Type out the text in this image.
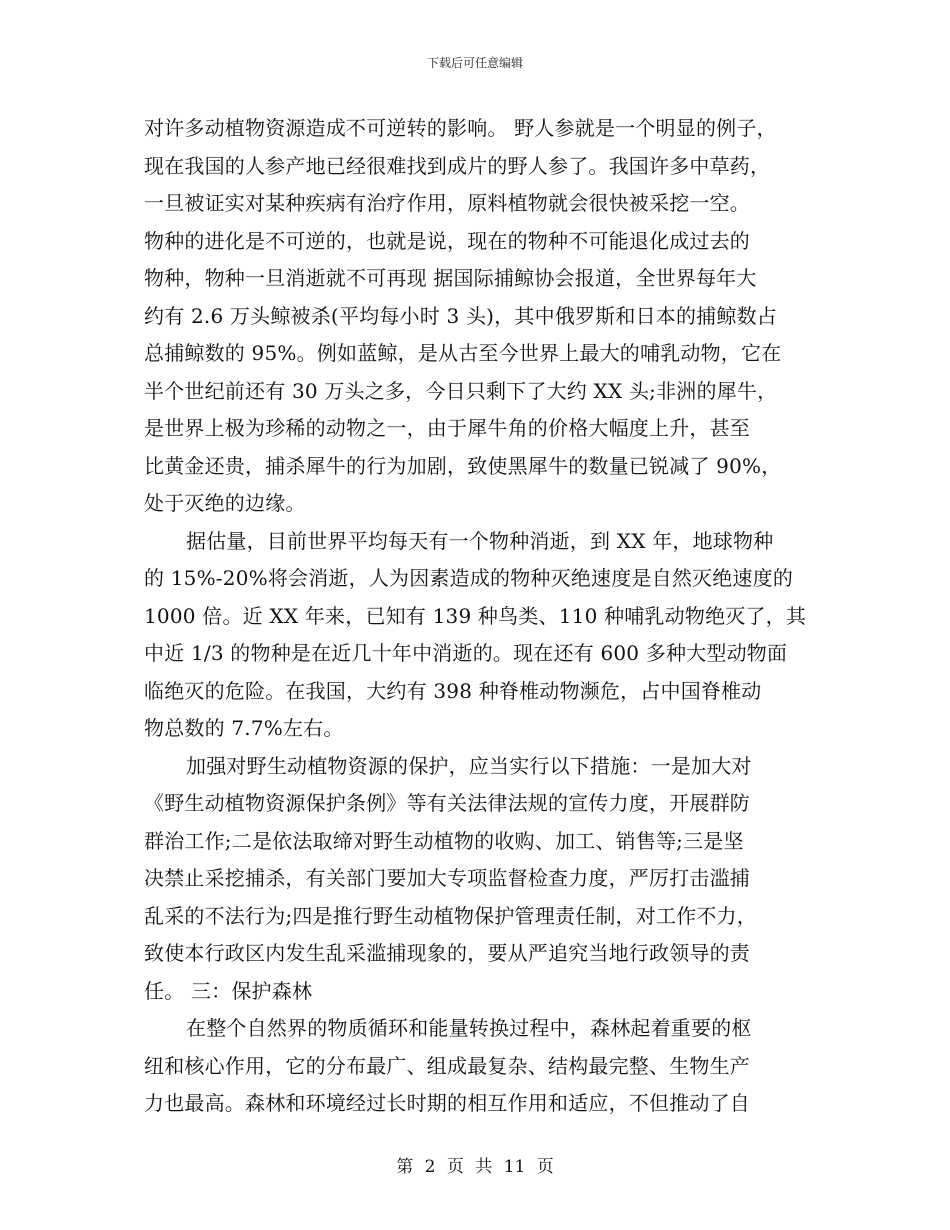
下载后可任意编辑
对许多动植物资源造成不可逆转的影响。 野人参就是一个明显的例子，
现在我国的人参产地已经很难找到成片的野人参了。我国许多中草药，
一旦被证实对某种疾病有治疗作用，原料植物就会很快被采挖一空。
物种的进化是不可逆的，也就是说，现在的物种不可能退化成过去的
物种，物种一旦消逝就不可再现 据国际捕鲸协会报道，全世界每年大
约有 2.6 万头鲸被杀(平均每小时 3 头)，其中俄罗斯和日本的捕鲸数占
总捕鲸数的 95%。例如蓝鲸，是从古至今世界上最大的哺乳动物，它在
半个世纪前还有 30 万头之多，今日只剩下了大约 XX 头;非洲的犀牛，
是世界上极为珍稀的动物之一，由于犀牛角的价格大幅度上升，甚至
比黄金还贵，捕杀犀牛的行为加剧，致使黑犀牛的数量已锐减了 90%，
处于灭绝的边缘。
据估量，目前世界平均每天有一个物种消逝，到 XX 年，地球物种
的 15%-20%将会消逝，人为因素造成的物种灭绝速度是自然灭绝速度的
1000 倍。近 XX 年来，已知有 139 种鸟类、110 种哺乳动物绝灭了，其
中近 1/3 的物种是在近几十年中消逝的。现在还有 600 多种大型动物面
临绝灭的危险。在我国，大约有 398 种脊椎动物濒危，占中国脊椎动
物总数的 7.7%左右。
加强对野生动植物资源的保护，应当实行以下措施：一是加大对
《野生动植物资源保护条例》等有关法律法规的宣传力度，开展群防
群治工作;二是依法取缔对野生动植物的收购、加工、销售等;三是坚
决禁止采挖捕杀，有关部门要加大专项监督检查力度，严厉打击滥捕
乱采的不法行为;四是推行野生动植物保护管理责任制，对工作不力，
致使本行政区内发生乱采滥捕现象的，要从严追究当地行政领导的责
任。 三：保护森林
在整个自然界的物质循环和能量转换过程中，森林起着重要的枢
纽和核心作用，它的分布最广、组成最复杂、结构最完整、生物生产
力也最高。森林和环境经过长时期的相互作用和适应，不但推动了自
第 2 页 共 11 页
